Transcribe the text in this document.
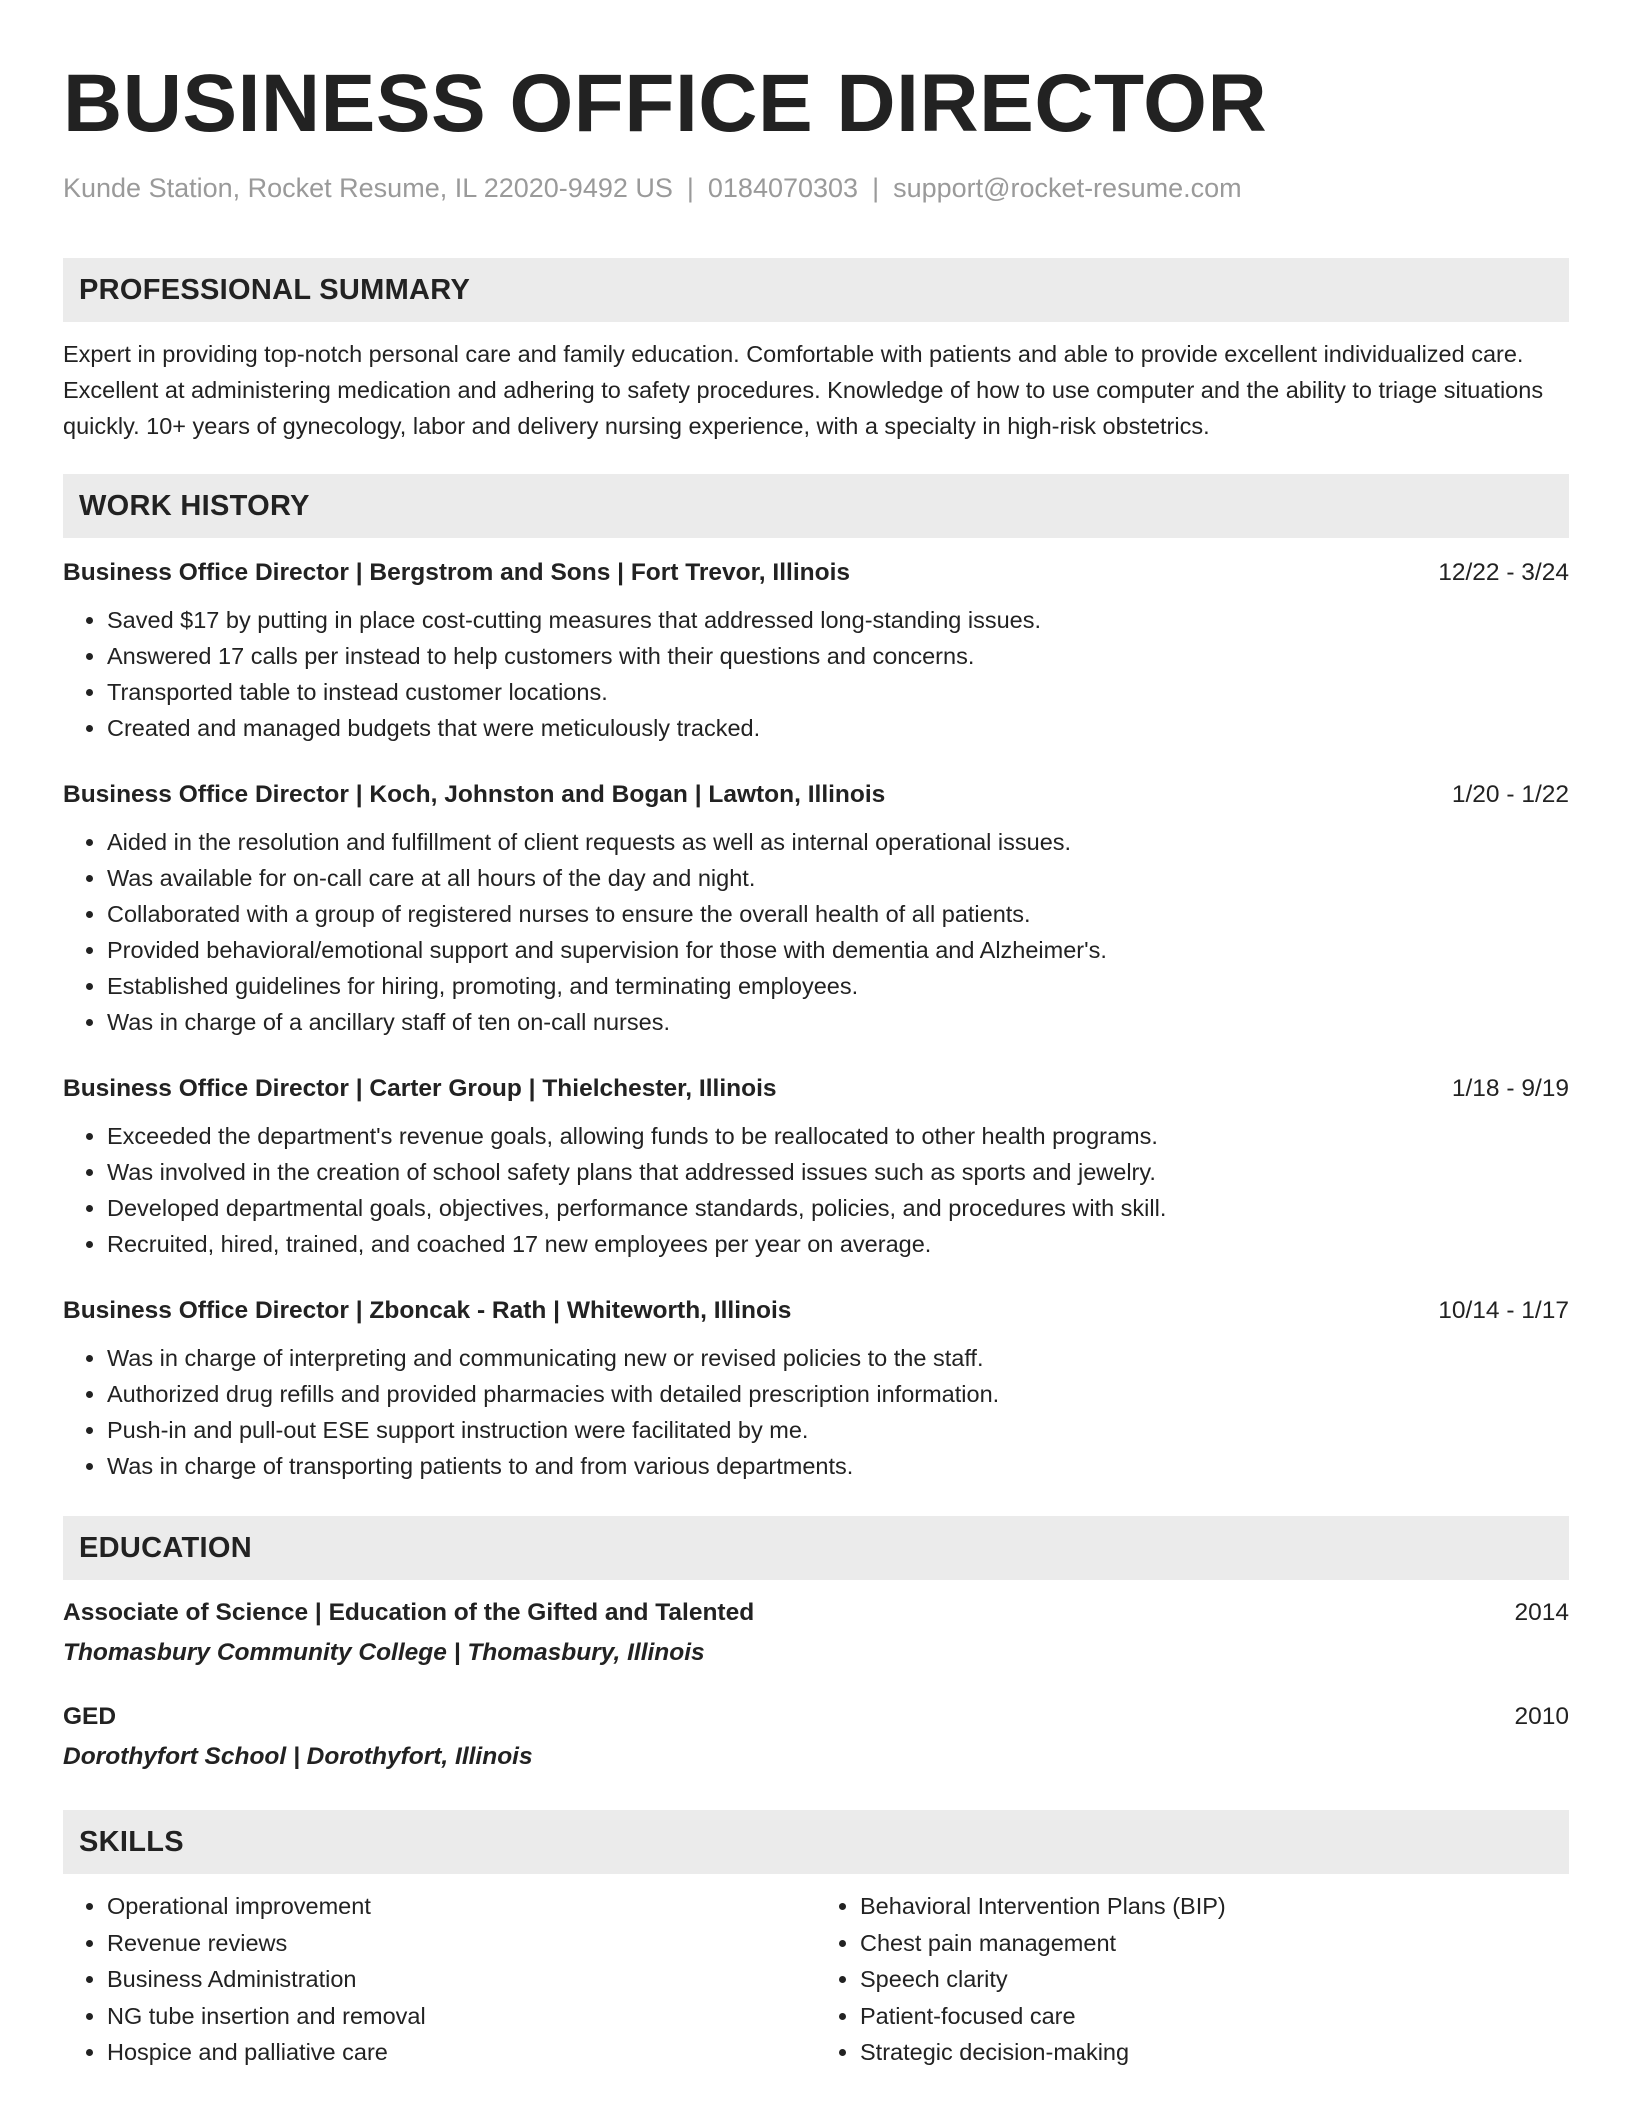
BUSINESS OFFICE DIRECTOR
Kunde Station, Rocket Resume, IL 22020-9492 US | 0184070303 | support@rocket-resume.com
PROFESSIONAL SUMMARY
Expert in providing top-notch personal care and family education. Comfortable with patients and able to provide excellent individualized care. Excellent at administering medication and adhering to safety procedures. Knowledge of how to use computer and the ability to triage situations quickly. 10+ years of gynecology, labor and delivery nursing experience, with a specialty in high-risk obstetrics.
WORK HISTORY
Business Office Director | Bergstrom and Sons | Fort Trevor, Illinois	12/22 - 3/24
• Saved $17 by putting in place cost-cutting measures that addressed long-standing issues.
• Answered 17 calls per instead to help customers with their questions and concerns.
• Transported table to instead customer locations.
• Created and managed budgets that were meticulously tracked.
Business Office Director | Koch, Johnston and Bogan | Lawton, Illinois	1/20 - 1/22
• Aided in the resolution and fulfillment of client requests as well as internal operational issues.
• Was available for on-call care at all hours of the day and night.
• Collaborated with a group of registered nurses to ensure the overall health of all patients.
• Provided behavioral/emotional support and supervision for those with dementia and Alzheimer's.
• Established guidelines for hiring, promoting, and terminating employees.
• Was in charge of a ancillary staff of ten on-call nurses.
Business Office Director | Carter Group | Thielchester, Illinois	1/18 - 9/19
• Exceeded the department's revenue goals, allowing funds to be reallocated to other health programs.
• Was involved in the creation of school safety plans that addressed issues such as sports and jewelry.
• Developed departmental goals, objectives, performance standards, policies, and procedures with skill.
• Recruited, hired, trained, and coached 17 new employees per year on average.
Business Office Director | Zboncak - Rath | Whiteworth, Illinois	10/14 - 1/17
• Was in charge of interpreting and communicating new or revised policies to the staff.
• Authorized drug refills and provided pharmacies with detailed prescription information.
• Push-in and pull-out ESE support instruction were facilitated by me.
• Was in charge of transporting patients to and from various departments.
EDUCATION
Associate of Science | Education of the Gifted and Talented	2014
Thomasbury Community College | Thomasbury, Illinois
GED	2010
Dorothyfort School | Dorothyfort, Illinois
SKILLS
• Operational improvement
• Revenue reviews
• Business Administration
• NG tube insertion and removal
• Hospice and palliative care
• Behavioral Intervention Plans (BIP)
• Chest pain management
• Speech clarity
• Patient-focused care
• Strategic decision-making
